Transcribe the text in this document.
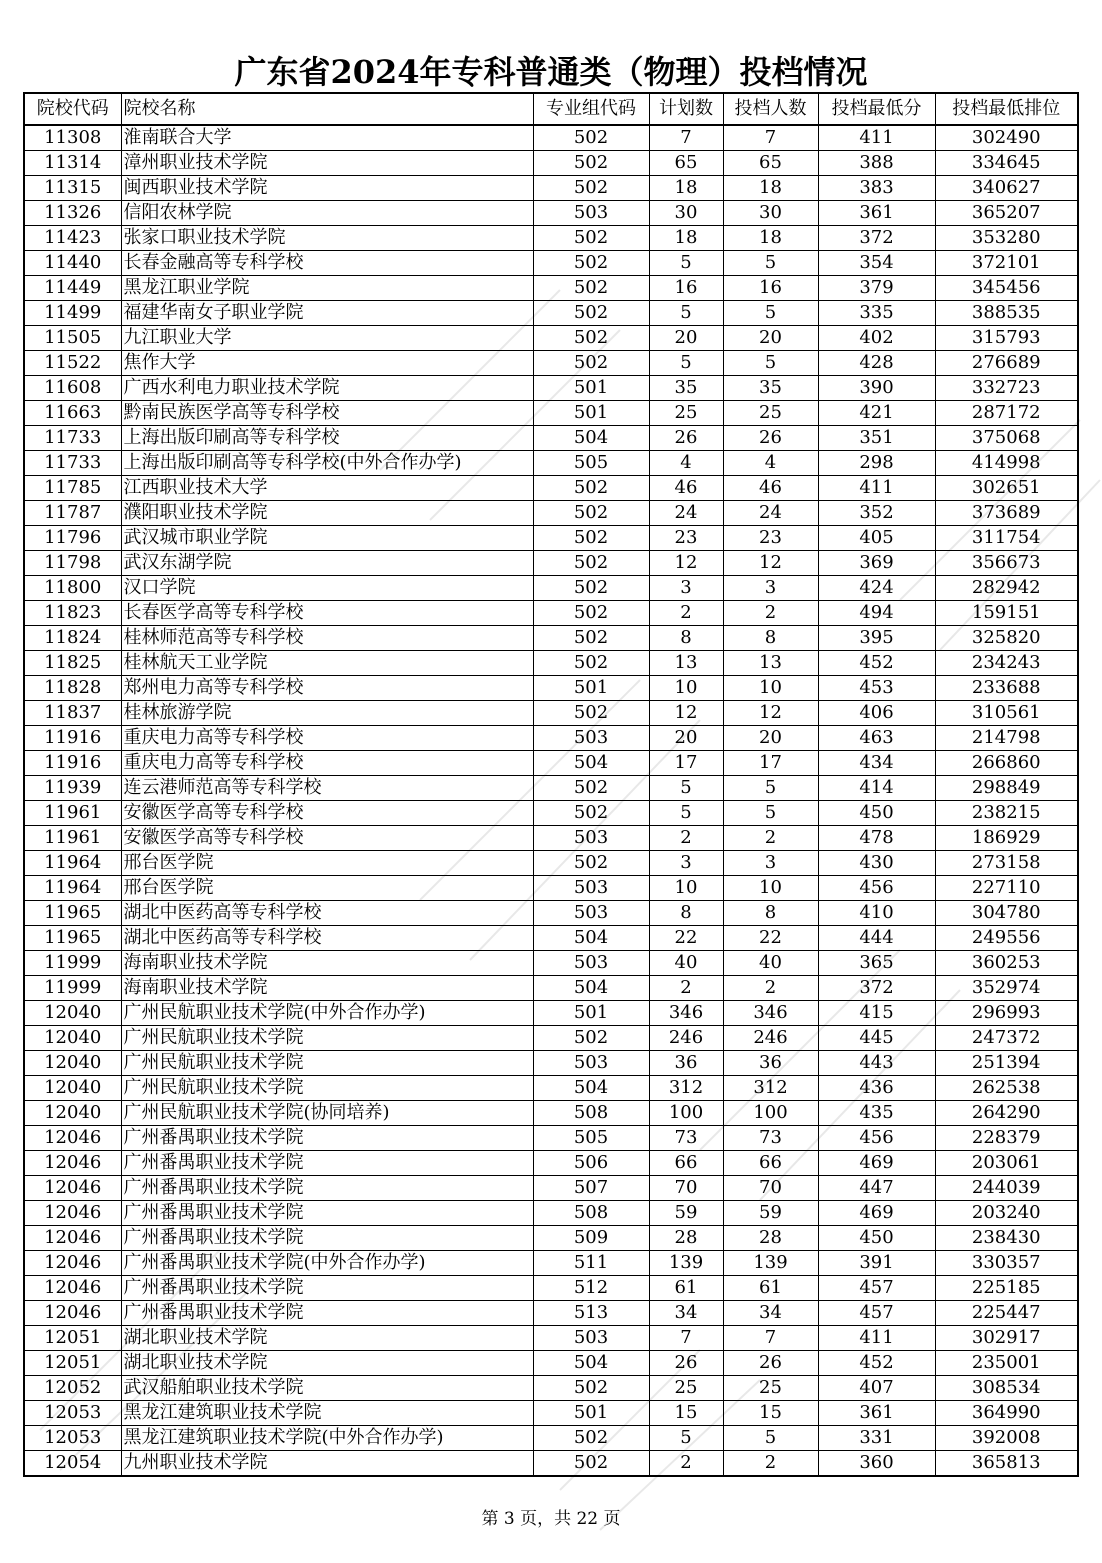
广东省2024年专科普通类（物理）投档情况
院校代码	院校名称	专业组代码	计划数	投档人数	投档最低分	投档最低排位
11308	淮南联合大学	502	7	7	411	302490
11314	漳州职业技术学院	502	65	65	388	334645
11315	闽西职业技术学院	502	18	18	383	340627
11326	信阳农林学院	503	30	30	361	365207
11423	张家口职业技术学院	502	18	18	372	353280
11440	长春金融高等专科学校	502	5	5	354	372101
11449	黑龙江职业学院	502	16	16	379	345456
11499	福建华南女子职业学院	502	5	5	335	388535
11505	九江职业大学	502	20	20	402	315793
11522	焦作大学	502	5	5	428	276689
11608	广西水利电力职业技术学院	501	35	35	390	332723
11663	黔南民族医学高等专科学校	501	25	25	421	287172
11733	上海出版印刷高等专科学校	504	26	26	351	375068
11733	上海出版印刷高等专科学校(中外合作办学)	505	4	4	298	414998
11785	江西职业技术大学	502	46	46	411	302651
11787	濮阳职业技术学院	502	24	24	352	373689
11796	武汉城市职业学院	502	23	23	405	311754
11798	武汉东湖学院	502	12	12	369	356673
11800	汉口学院	502	3	3	424	282942
11823	长春医学高等专科学校	502	2	2	494	159151
11824	桂林师范高等专科学校	502	8	8	395	325820
11825	桂林航天工业学院	502	13	13	452	234243
11828	郑州电力高等专科学校	501	10	10	453	233688
11837	桂林旅游学院	502	12	12	406	310561
11916	重庆电力高等专科学校	503	20	20	463	214798
11916	重庆电力高等专科学校	504	17	17	434	266860
11939	连云港师范高等专科学校	502	5	5	414	298849
11961	安徽医学高等专科学校	502	5	5	450	238215
11961	安徽医学高等专科学校	503	2	2	478	186929
11964	邢台医学院	502	3	3	430	273158
11964	邢台医学院	503	10	10	456	227110
11965	湖北中医药高等专科学校	503	8	8	410	304780
11965	湖北中医药高等专科学校	504	22	22	444	249556
11999	海南职业技术学院	503	40	40	365	360253
11999	海南职业技术学院	504	2	2	372	352974
12040	广州民航职业技术学院(中外合作办学)	501	346	346	415	296993
12040	广州民航职业技术学院	502	246	246	445	247372
12040	广州民航职业技术学院	503	36	36	443	251394
12040	广州民航职业技术学院	504	312	312	436	262538
12040	广州民航职业技术学院(协同培养)	508	100	100	435	264290
12046	广州番禺职业技术学院	505	73	73	456	228379
12046	广州番禺职业技术学院	506	66	66	469	203061
12046	广州番禺职业技术学院	507	70	70	447	244039
12046	广州番禺职业技术学院	508	59	59	469	203240
12046	广州番禺职业技术学院	509	28	28	450	238430
12046	广州番禺职业技术学院(中外合作办学)	511	139	139	391	330357
12046	广州番禺职业技术学院	512	61	61	457	225185
12046	广州番禺职业技术学院	513	34	34	457	225447
12051	湖北职业技术学院	503	7	7	411	302917
12051	湖北职业技术学院	504	26	26	452	235001
12052	武汉船舶职业技术学院	502	25	25	407	308534
12053	黑龙江建筑职业技术学院	501	15	15	361	364990
12053	黑龙江建筑职业技术学院(中外合作办学)	502	5	5	331	392008
12054	九州职业技术学院	502	2	2	360	365813
第 3 页，共 22 页
